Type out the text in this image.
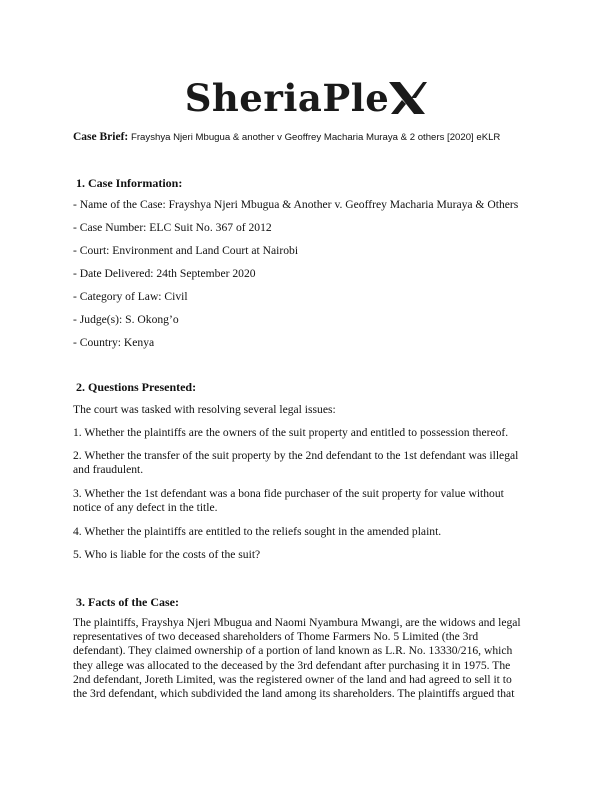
SheriaPle
Case Brief: Frayshya Njeri Mbugua & another v Geoffrey Macharia Muraya & 2 others [2020] eKLR

1. Case Information:

- Name of the Case: Frayshya Njeri Mbugua & Another v. Geoffrey Macharia Muraya & Others

- Case Number: ELC Suit No. 367 of 2012

- Court: Environment and Land Court at Nairobi

- Date Delivered: 24th September 2020

- Category of Law: Civil

- Judge(s): S. Okong’o

- Country: Kenya

2. Questions Presented:

The court was tasked with resolving several legal issues:

1. Whether the plaintiffs are the owners of the suit property and entitled to possession thereof.

2. Whether the transfer of the suit property by the 2nd defendant to the 1st defendant was illegal

and fraudulent.

3. Whether the 1st defendant was a bona fide purchaser of the suit property for value without

notice of any defect in the title.

4. Whether the plaintiffs are entitled to the reliefs sought in the amended plaint.

5. Who is liable for the costs of the suit?

3. Facts of the Case:

The plaintiffs, Frayshya Njeri Mbugua and Naomi Nyambura Mwangi, are the widows and legal

representatives of two deceased shareholders of Thome Farmers No. 5 Limited (the 3rd

defendant). They claimed ownership of a portion of land known as L.R. No. 13330/216, which

they allege was allocated to the deceased by the 3rd defendant after purchasing it in 1975. The

2nd defendant, Joreth Limited, was the registered owner of the land and had agreed to sell it to

the 3rd defendant, which subdivided the land among its shareholders. The plaintiffs argued that
